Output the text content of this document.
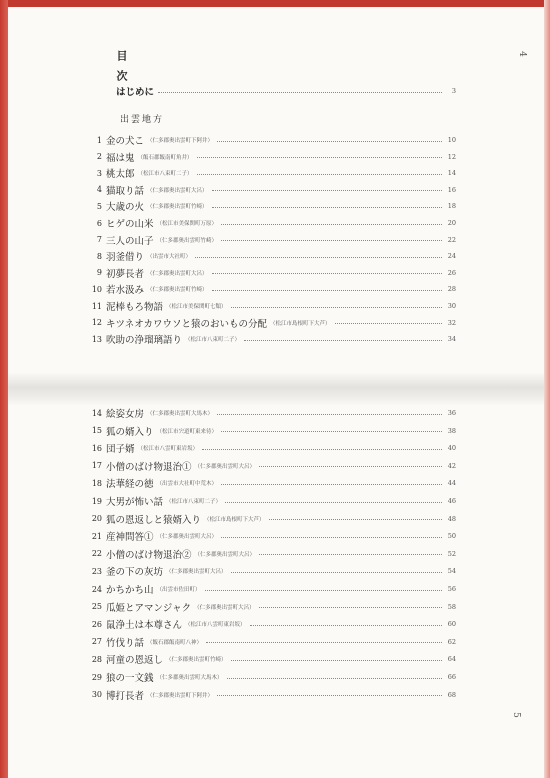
4
5
目次
はじめに	3
出雲地方
1 金の犬こ （仁多郡奥出雲町下阿井）	10
2 福は鬼 （飯石郡飯南町角井）	12
3 桃太郎 （松江市八束町二子）	14
4 猫取り話 （仁多郡奥出雲町大呂）	16
5 大歳の火 （仁多郡奥出雲町竹崎）	18
6 ヒゲの山米 （松江市美保関町万原）	20
7 三人の山子 （仁多郡奥出雲町竹崎）	22
8 羽釜借り （出雲市大社町）	24
9 初夢長者 （仁多郡奥出雲町大呂）	26
10 若水汲み （仁多郡奥出雲町竹崎）	28
11 泥棒もろ物語 （松江市美保関町七類）	30
12 キツネオカワウソと猿のおいもの分配 （松江市島根町下大芦）	32
13 吹助の浄瑠璃語り （松江市八束町二子）	34
14 絵姿女房 （仁多郡奥出雲町大馬木）	36
15 狐の婿入り （松江市宍道町東来待）	38
16 団子婿 （松江市八雲町東岩坂）	40
17 小僧のばけ物退治① （仁多郡奥出雲町大呂）	42
18 法華経の徳 （出雲市大社町中荒木）	44
19 大男が怖い話 （松江市八束町二子）	46
20 狐の恩返しと猿婿入り （松江市島根町下大芦）	48
21 産神問答① （仁多郡奥出雲町大呂）	50
22 小僧のばけ物退治② （仁多郡奥出雲町大呂）	52
23 釜の下の灰坊 （仁多郡奥出雲町大呂）	54
24 かちかち山 （出雲市佐田町）	56
25 瓜姫とアマンジャク （仁多郡奥出雲町大呂）	58
26 鼠浄土は本尊さん （松江市八雲町東岩坂）	60
27 竹伐り話 （飯石郡飯南町八神）	62
28 河童の恩返し （仁多郡奥出雲町竹崎）	64
29 狼の一文銭 （仁多郡奥出雲町大馬木）	66
30 博打長者 （仁多郡奥出雲町下阿井）	68
